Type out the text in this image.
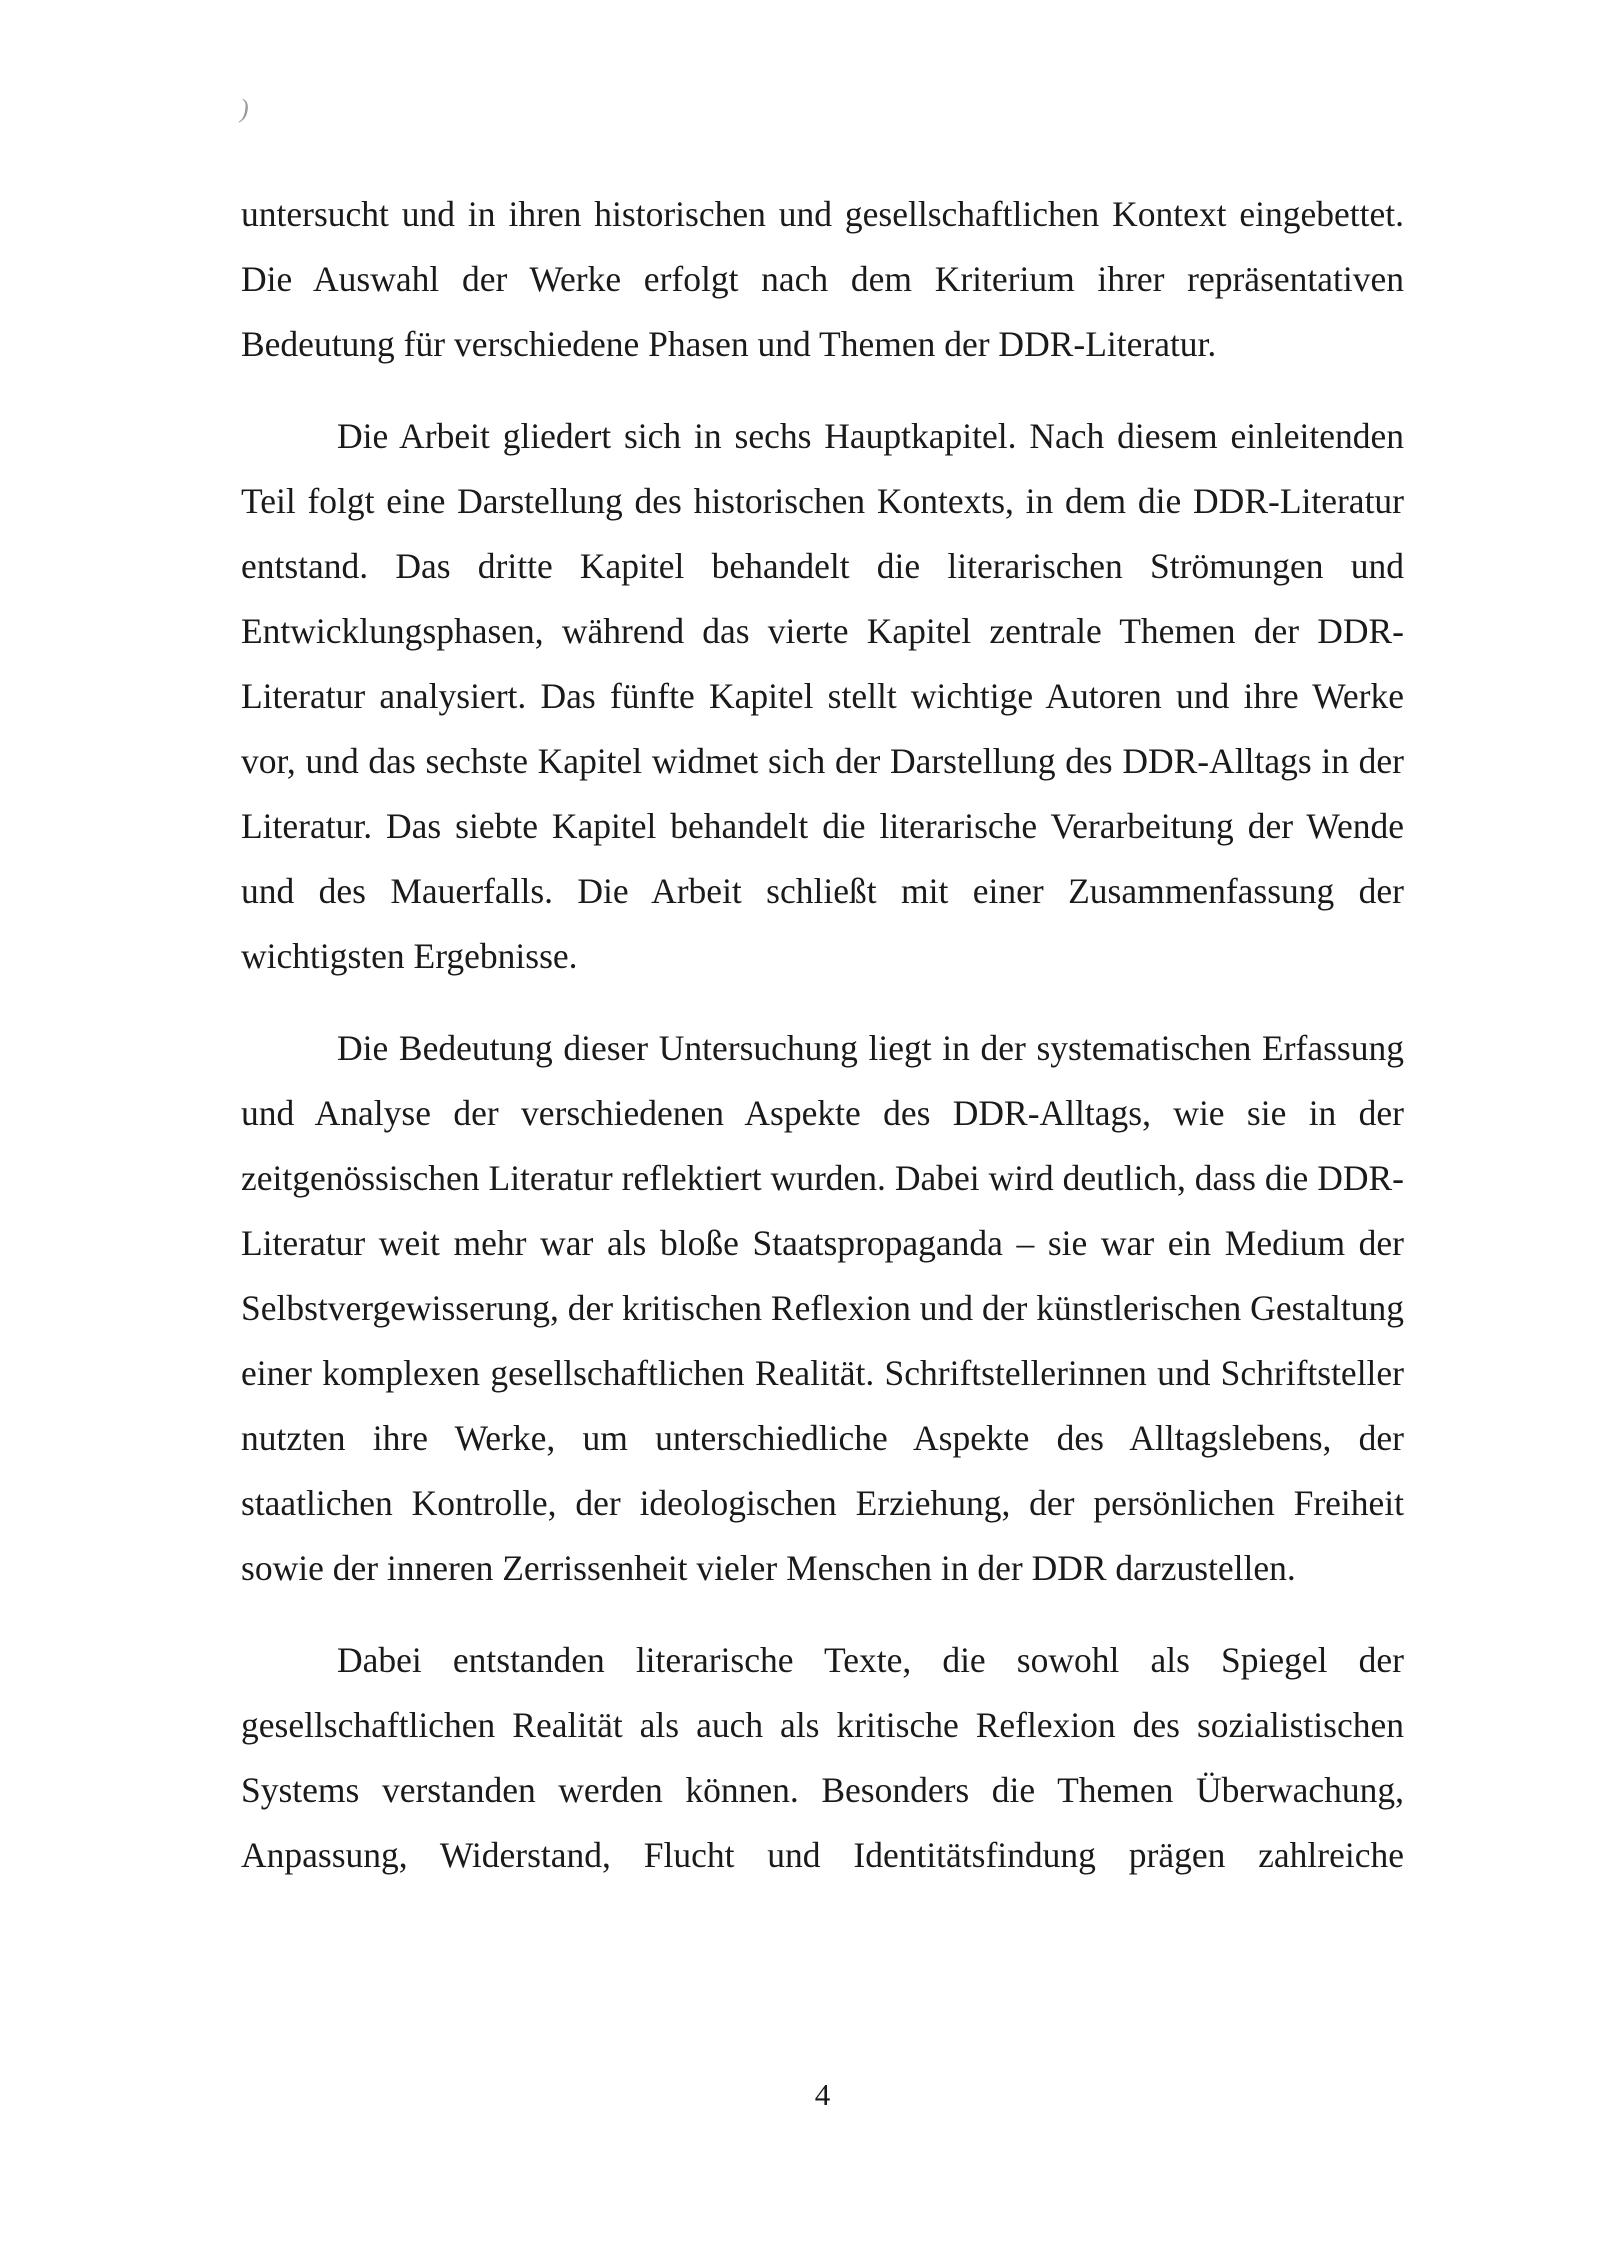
)

untersucht und in ihren historischen und gesellschaftlichen Kontext eingebettet. Die Auswahl der Werke erfolgt nach dem Kriterium ihrer repräsentativen Bedeutung für verschiedene Phasen und Themen der DDR-Literatur.

Die Arbeit gliedert sich in sechs Hauptkapitel. Nach diesem einleitenden Teil folgt eine Darstellung des historischen Kontexts, in dem die DDR-Literatur entstand. Das dritte Kapitel behandelt die literarischen Strömungen und Entwicklungsphasen, während das vierte Kapitel zentrale Themen der DDR-Literatur analysiert. Das fünfte Kapitel stellt wichtige Autoren und ihre Werke vor, und das sechste Kapitel widmet sich der Darstellung des DDR-Alltags in der Literatur. Das siebte Kapitel behandelt die literarische Verarbeitung der Wende und des Mauerfalls. Die Arbeit schließt mit einer Zusammenfassung der wichtigsten Ergebnisse.

Die Bedeutung dieser Untersuchung liegt in der systematischen Erfassung und Analyse der verschiedenen Aspekte des DDR-Alltags, wie sie in der zeitgenössischen Literatur reflektiert wurden. Dabei wird deutlich, dass die DDR-Literatur weit mehr war als bloße Staatspropaganda – sie war ein Medium der Selbstvergewisserung, der kritischen Reflexion und der künstlerischen Gestaltung einer komplexen gesellschaftlichen Realität. Schriftstellerinnen und Schriftsteller nutzten ihre Werke, um unterschiedliche Aspekte des Alltagslebens, der staatlichen Kontrolle, der ideologischen Erziehung, der persönlichen Freiheit sowie der inneren Zerrissenheit vieler Menschen in der DDR darzustellen.

Dabei entstanden literarische Texte, die sowohl als Spiegel der gesellschaftlichen Realität als auch als kritische Reflexion des sozialistischen Systems verstanden werden können. Besonders die Themen Überwachung, Anpassung, Widerstand, Flucht und Identitätsfindung prägen zahlreiche

4
